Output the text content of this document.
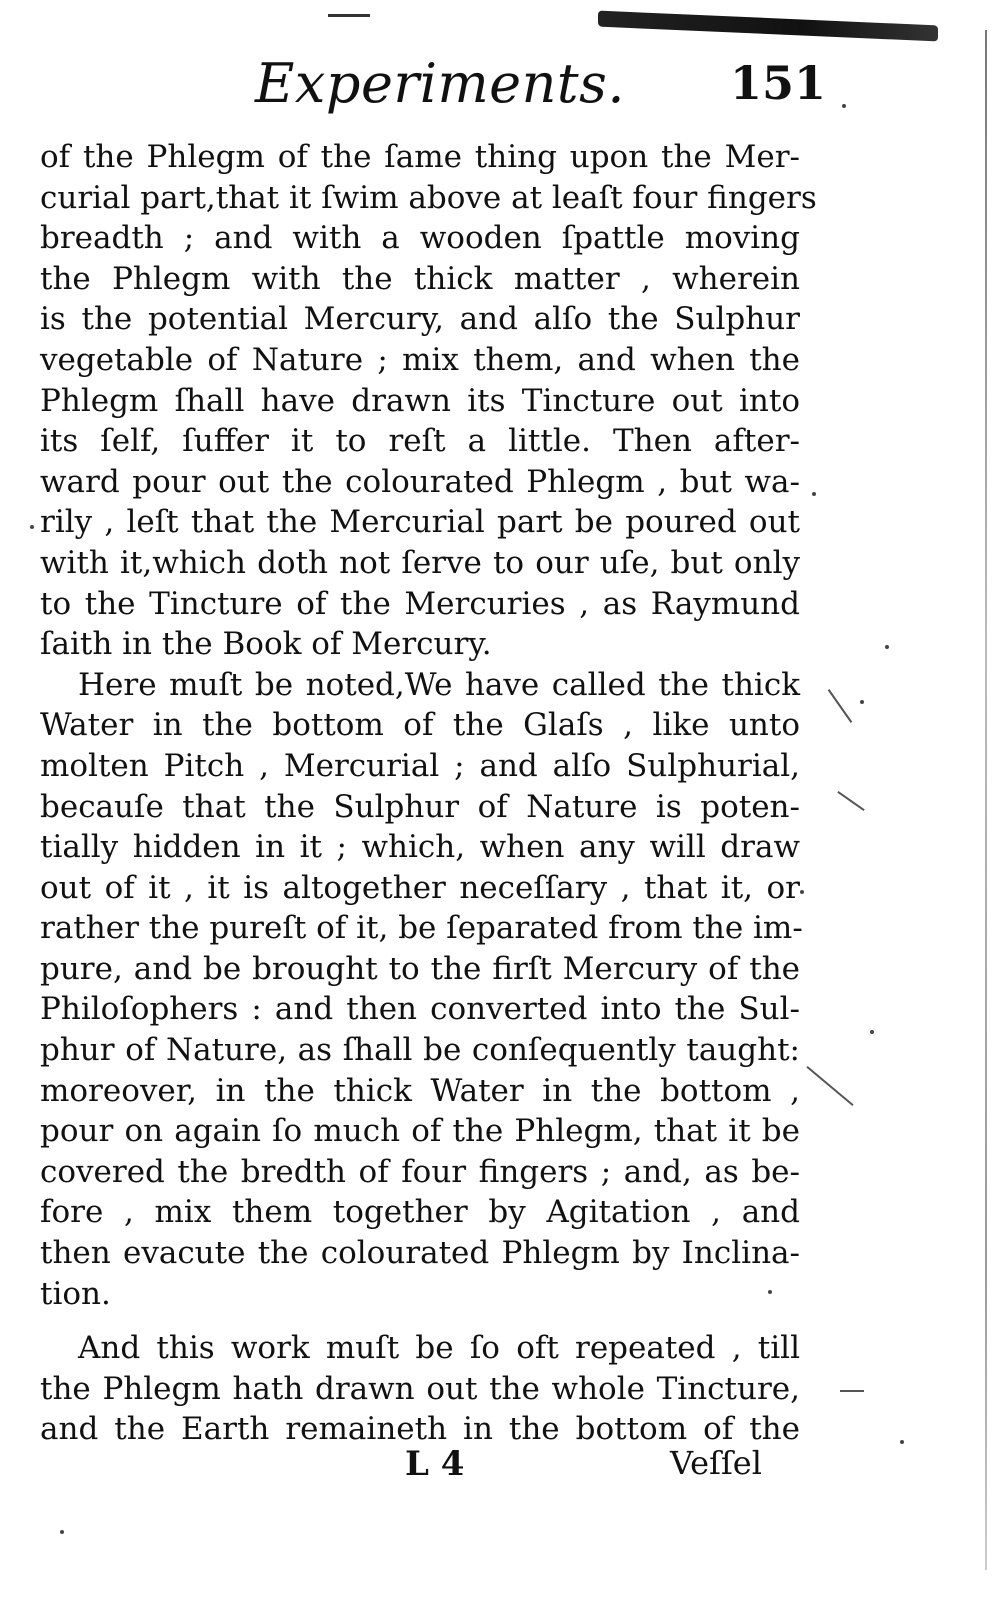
Experiments. 151
of the Phlegm of the ſame thing upon the Mer-
curial part,that it ſwim above at leaſt four fingers
breadth ; and with a wooden ſpattle moving
the Phlegm with the thick matter , wherein
is the potential Mercury, and alſo the Sulphur
vegetable of Nature ; mix them, and when the
Phlegm ſhall have drawn its Tincture out into
its ſelf, ſuffer it to reſt a little. Then after-
ward pour out the colourated Phlegm , but wa-
rily , leſt that the Mercurial part be poured out
with it,which doth not ſerve to our uſe, but only
to the Tincture of the Mercuries , as Raymund
ſaith in the Book of Mercury.
Here muſt be noted,We have called the thick
Water in the bottom of the Glaſs , like unto
molten Pitch , Mercurial ; and alſo Sulphurial,
becauſe that the Sulphur of Nature is poten-
tially hidden in it ; which, when any will draw
out of it , it is altogether neceſſary , that it, or
rather the pureſt of it, be ſeparated from the im-
pure, and be brought to the firſt Mercury of the
Philoſophers : and then converted into the Sul-
phur of Nature, as ſhall be conſequently taught:
moreover, in the thick Water in the bottom ,
pour on again ſo much of the Phlegm, that it be
covered the bredth of four fingers ; and, as be-
fore , mix them together by Agitation , and
then evacute the colourated Phlegm by Inclina-
tion.
And this work muſt be ſo oft repeated , till
the Phlegm hath drawn out the whole Tincture,
and the Earth remaineth in the bottom of the
L 4	Veſſel
